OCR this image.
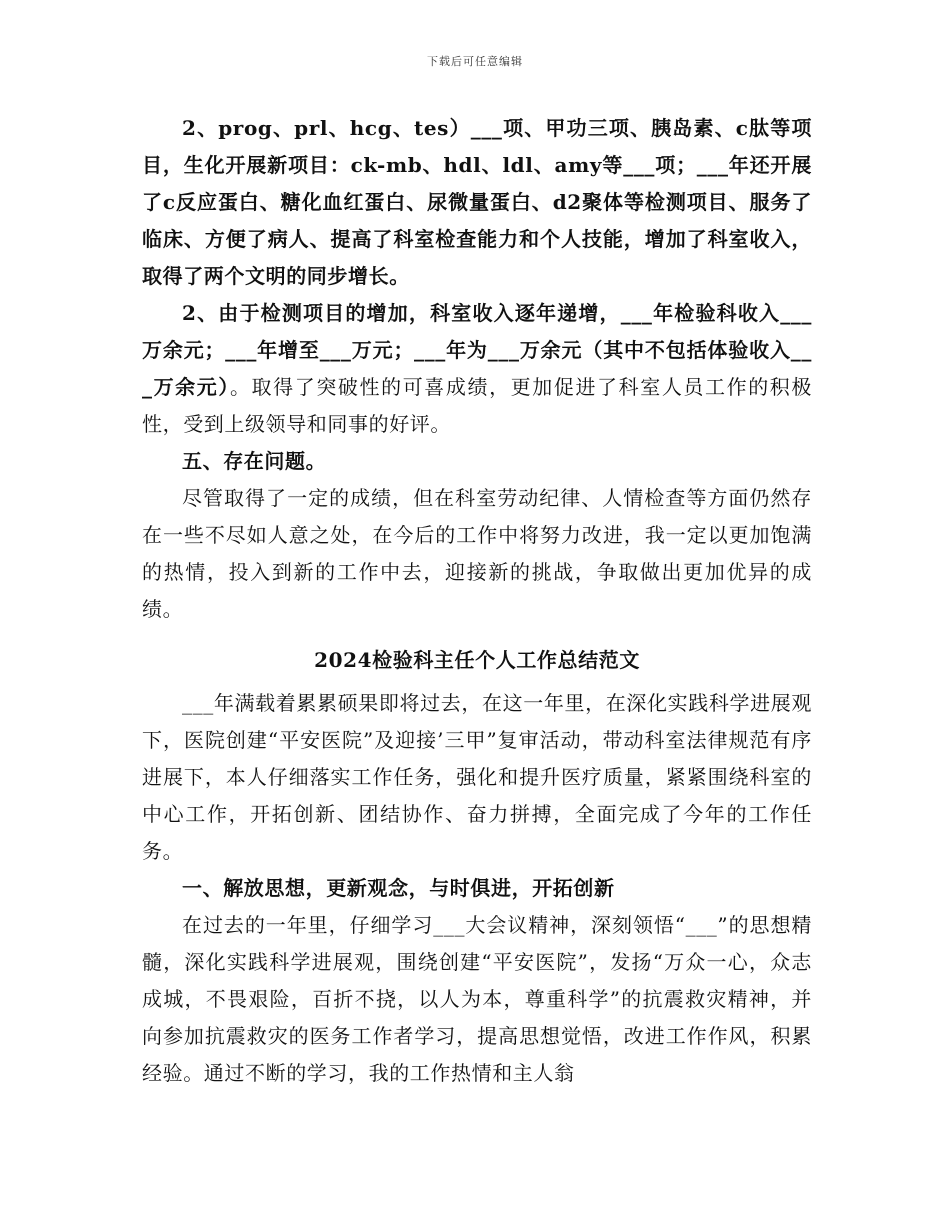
下载后可任意编辑

2、prog、prl、hcg、tes）___项、甲功三项、胰岛素、c肽等项目，生化开展新项目：ck-mb、hdl、ldl、amy等___项；___年还开展了c反应蛋白、糖化血红蛋白、尿微量蛋白、d2聚体等检测项目、服务了临床、方便了病人、提高了科室检查能力和个人技能，增加了科室收入，取得了两个文明的同步增长。

2、由于检测项目的增加，科室收入逐年递增，___年检验科收入___万余元；___年增至___万元；___年为___万余元（其中不包括体验收入___万余元）。取得了突破性的可喜成绩，更加促进了科室人员工作的积极性，受到上级领导和同事的好评。

五、存在问题。

尽管取得了一定的成绩，但在科室劳动纪律、人情检查等方面仍然存在一些不尽如人意之处，在今后的工作中将努力改进，我一定以更加饱满的热情，投入到新的工作中去，迎接新的挑战，争取做出更加优异的成绩。

2024检验科主任个人工作总结范文

___年满载着累累硕果即将过去，在这一年里，在深化实践科学进展观下，医院创建“平安医院”及迎接’三甲”复审活动，带动科室法律规范有序进展下，本人仔细落实工作任务，强化和提升医疗质量，紧紧围绕科室的中心工作，开拓创新、团结协作、奋力拼搏，全面完成了今年的工作任务。

一、解放思想，更新观念，与时俱进，开拓创新

在过去的一年里，仔细学习___大会议精神，深刻领悟“___”的思想精髓，深化实践科学进展观，围绕创建“平安医院”，发扬“万众一心，众志成城，不畏艰险，百折不挠，以人为本，尊重科学”的抗震救灾精神，并向参加抗震救灾的医务工作者学习，提高思想觉悟，改进工作作风，积累经验。通过不断的学习，我的工作热情和主人翁
